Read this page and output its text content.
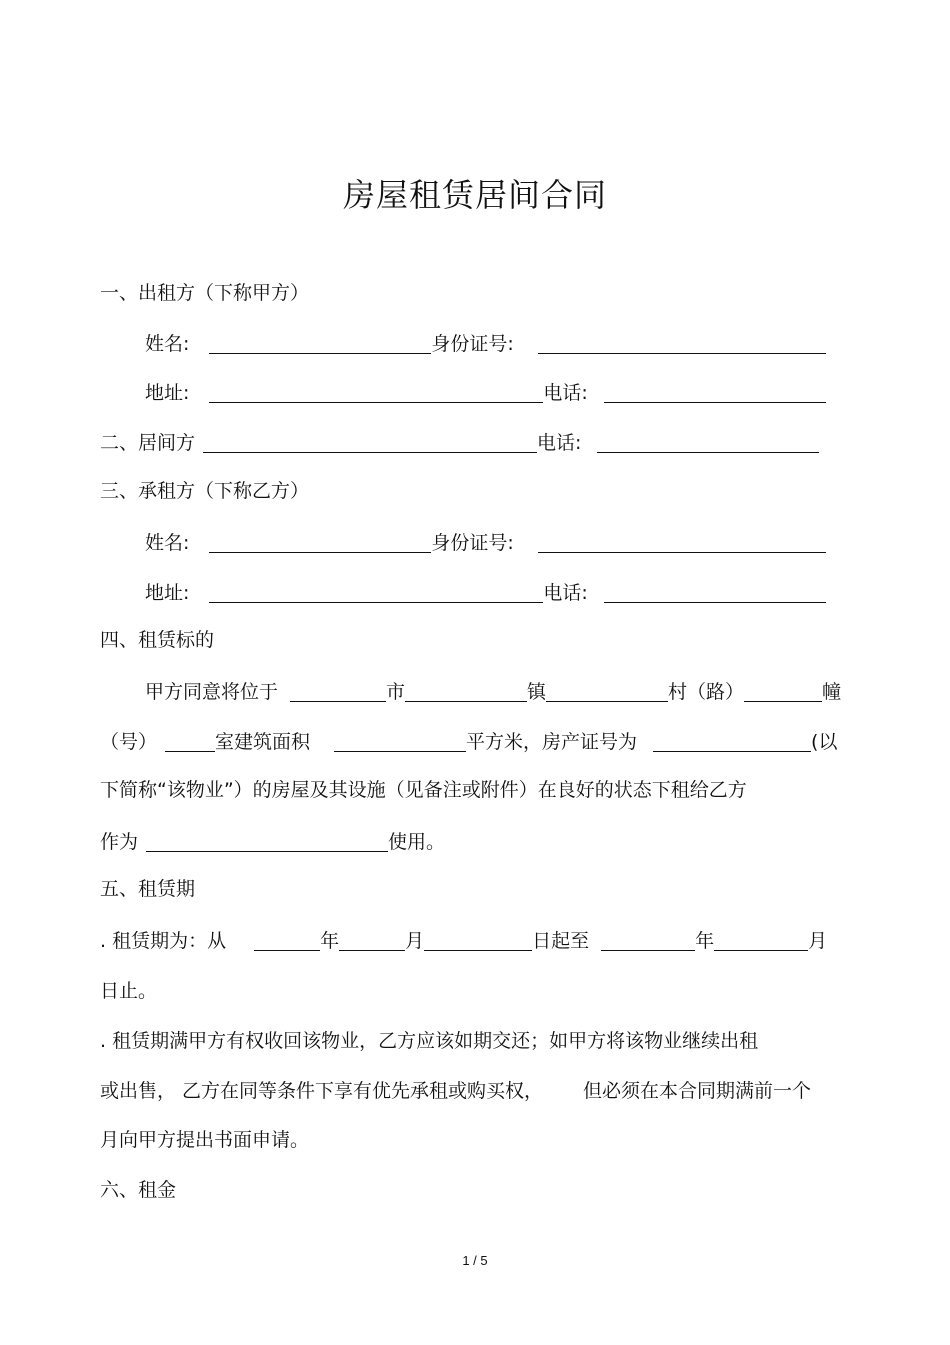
房屋租赁居间合同
一、出租方（下称甲方）
姓名:	身份证号:
地址:	电话:
二、居间方	电话:
三、承租方（下称乙方）
姓名:	身份证号:
地址:	电话:
四、租赁标的
甲方同意将位于	市	镇	村（路）	幢
（号）	室建筑面积	平方米，房产证号为	(以
下简称“该物业”）的房屋及其设施（见备注或附件）在良好的状态下租给乙方
作为	使用。
五、租赁期
. 租赁期为：从	年	月	日起至	年	月
日止。
. 租赁期满甲方有权收回该物业，乙方应该如期交还；如甲方将该物业继续出租
或出售， 乙方在同等条件下享有优先承租或购买权， 但必须在本合同期满前一个
月向甲方提出书面申请。
六、租金
1 / 5
